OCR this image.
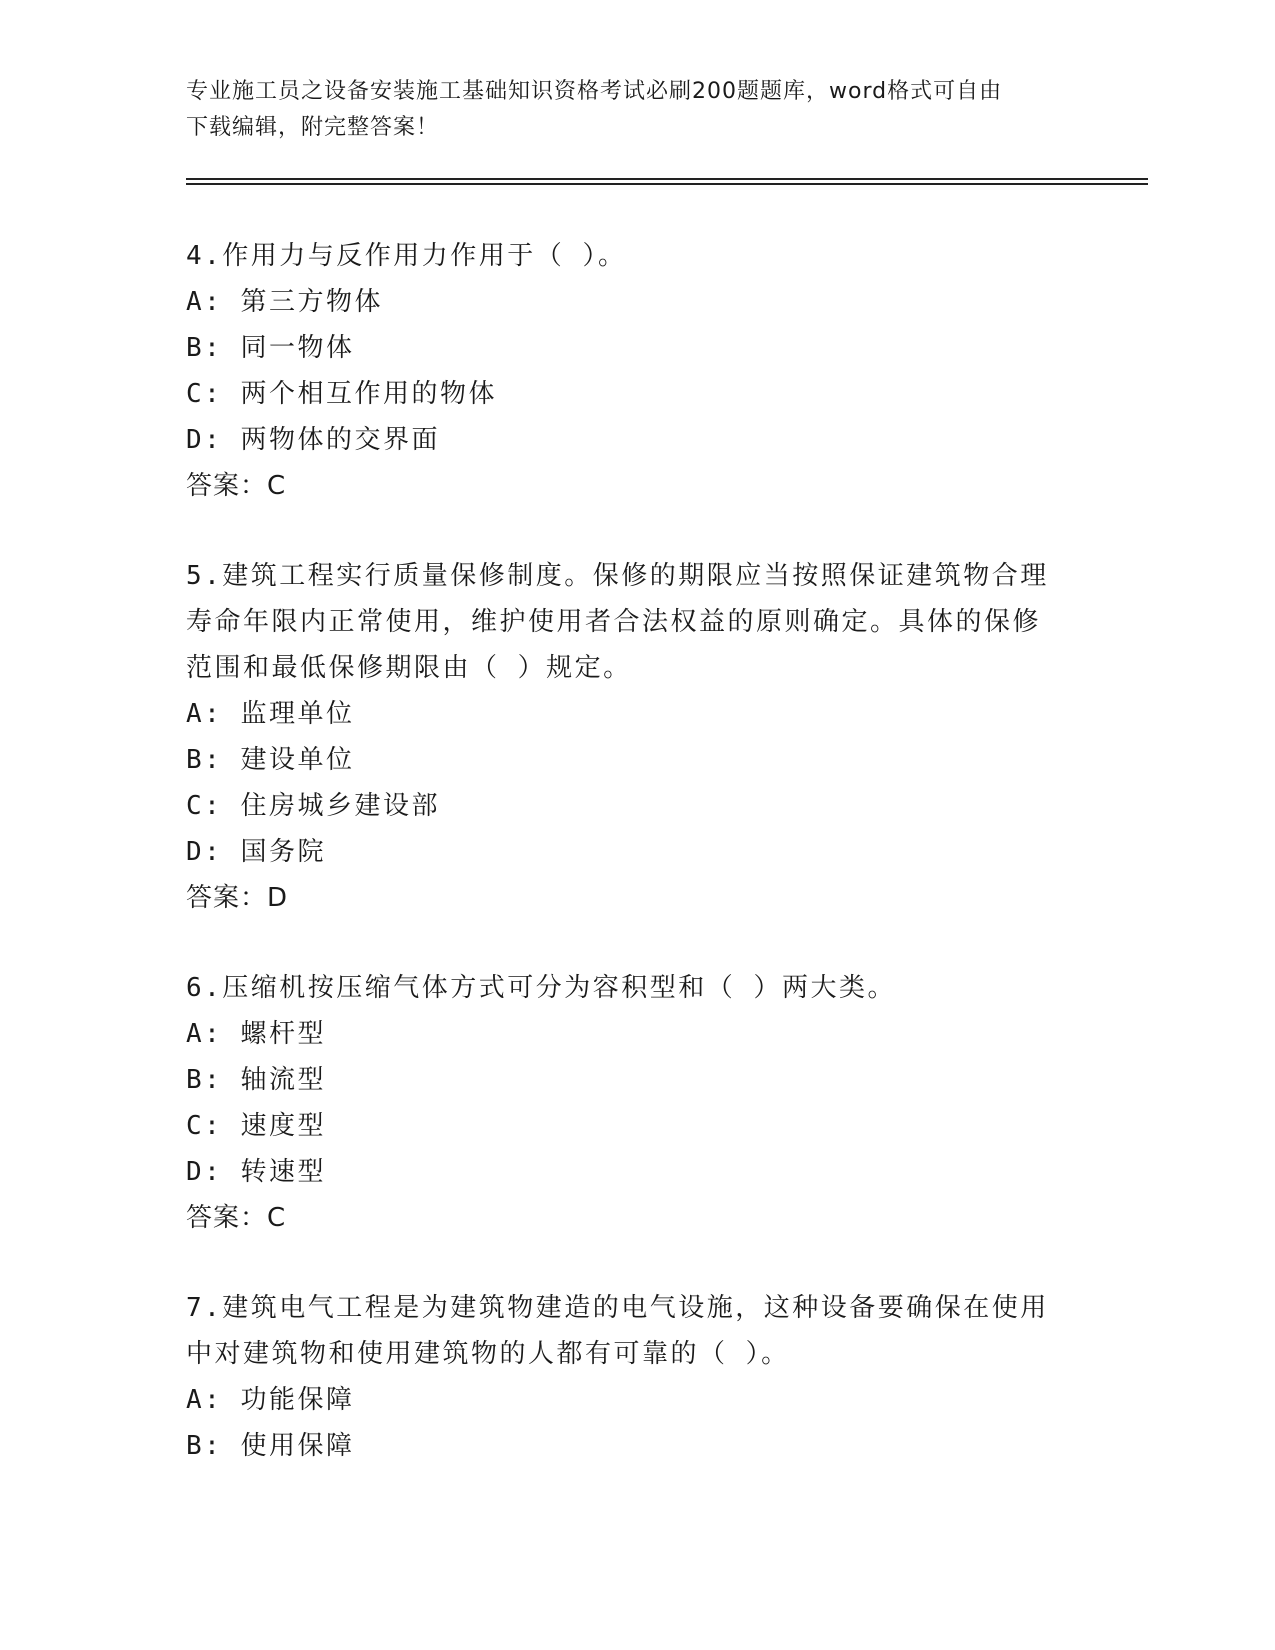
专业施工员之设备安装施工基础知识资格考试必刷200题题库，word格式可自由
下载编辑，附完整答案！
4.作用力与反作用力作用于（ ）。
A: 第三方物体
B: 同一物体
C: 两个相互作用的物体
D: 两物体的交界面
答案：C
5.建筑工程实行质量保修制度。保修的期限应当按照保证建筑物合理
寿命年限内正常使用，维护使用者合法权益的原则确定。具体的保修
范围和最低保修期限由（ ）规定。
A: 监理单位
B: 建设单位
C: 住房城乡建设部
D: 国务院
答案：D
6.压缩机按压缩气体方式可分为容积型和（ ）两大类。
A: 螺杆型
B: 轴流型
C: 速度型
D: 转速型
答案：C
7.建筑电气工程是为建筑物建造的电气设施，这种设备要确保在使用
中对建筑物和使用建筑物的人都有可靠的（ ）。
A: 功能保障
B: 使用保障
